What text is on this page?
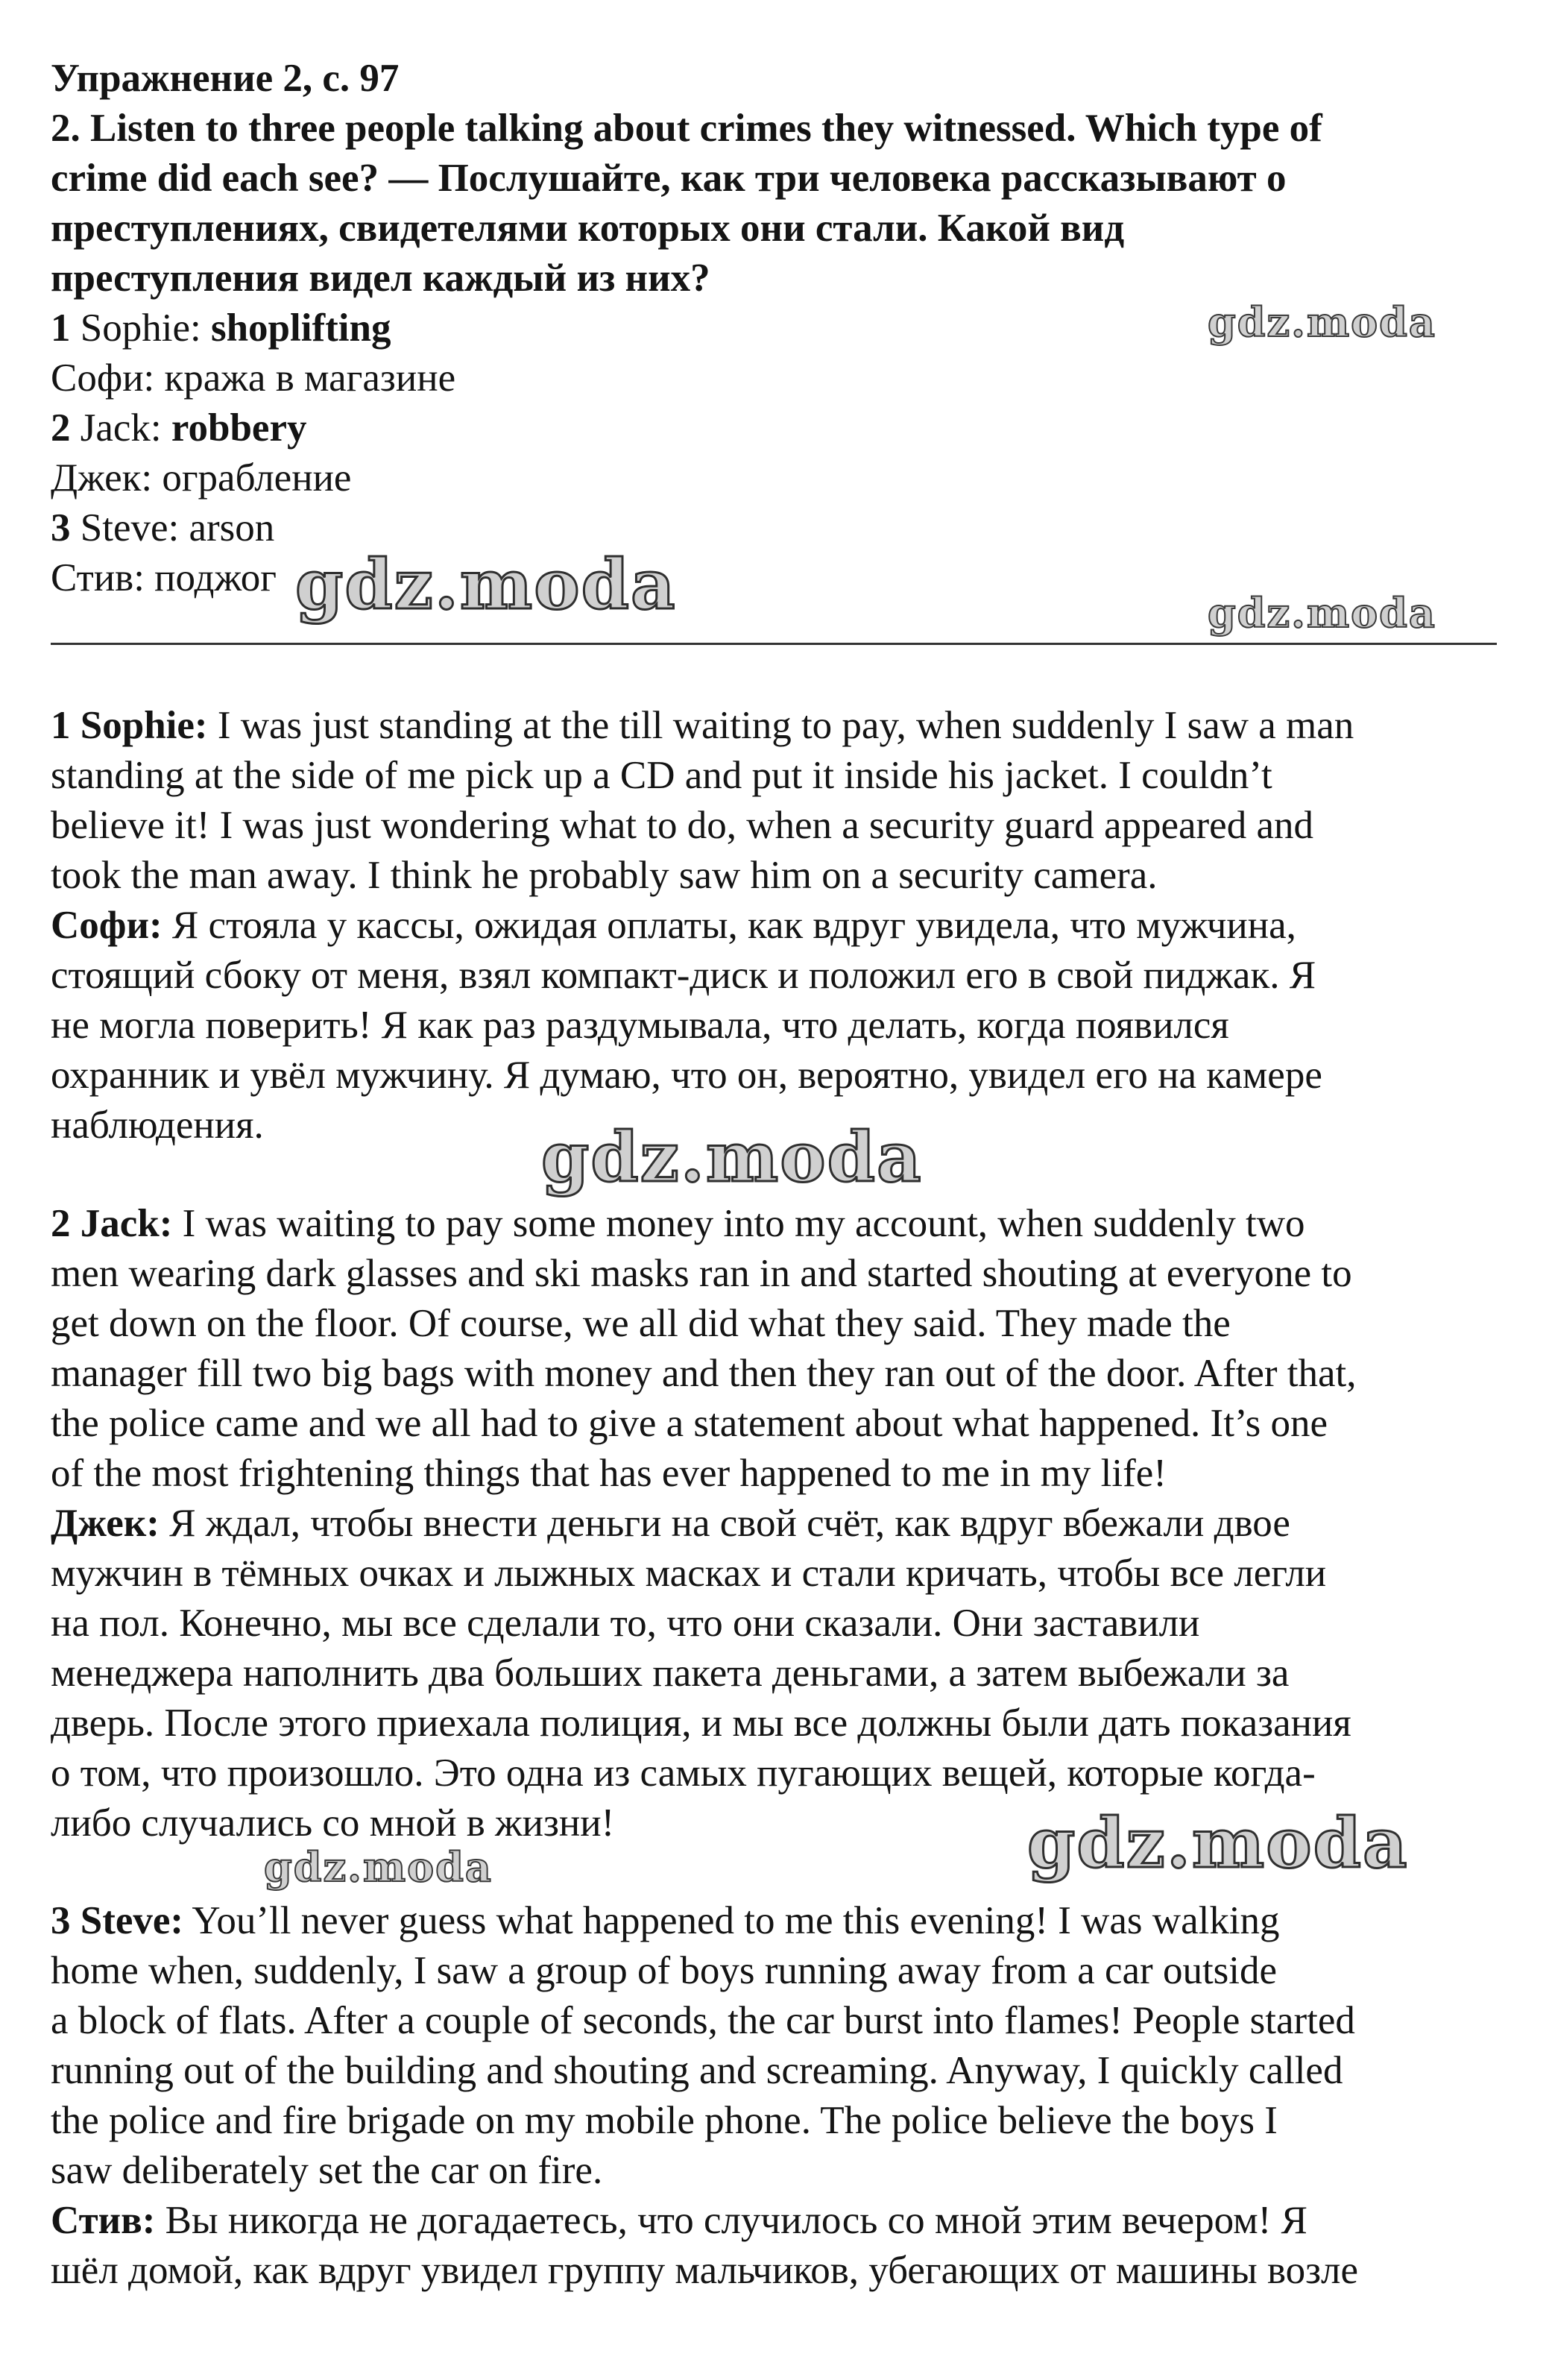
Упражнение 2, с. 97
2. Listen to three people talking about crimes they witnessed. Which type of
crime did each see? — Послушайте, как три человека рассказывают о
преступлениях, свидетелями которых они стали. Какой вид
преступления видел каждый из них?
1 Sophie: shoplifting
Софи: кража в магазине
2 Jack: robbery
Джек: ограбление
3 Steve: arson
Стив: поджог
1 Sophie: I was just standing at the till waiting to pay, when suddenly I saw a man
standing at the side of me pick up a CD and put it inside his jacket. I couldn’t
believe it! I was just wondering what to do, when a security guard appeared and
took the man away. I think he probably saw him on a security camera.
Софи: Я стояла у кассы, ожидая оплаты, как вдруг увидела, что мужчина,
стоящий сбоку от меня, взял компакт-диск и положил его в свой пиджак. Я
не могла поверить! Я как раз раздумывала, что делать, когда появился
охранник и увёл мужчину. Я думаю, что он, вероятно, увидел его на камере
наблюдения.
2 Jack: I was waiting to pay some money into my account, when suddenly two
men wearing dark glasses and ski masks ran in and started shouting at everyone to
get down on the floor. Of course, we all did what they said. They made the
manager fill two big bags with money and then they ran out of the door. After that,
the police came and we all had to give a statement about what happened. It’s one
of the most frightening things that has ever happened to me in my life!
Джек: Я ждал, чтобы внести деньги на свой счёт, как вдруг вбежали двое
мужчин в тёмных очках и лыжных масках и стали кричать, чтобы все легли
на пол. Конечно, мы все сделали то, что они сказали. Они заставили
менеджера наполнить два больших пакета деньгами, а затем выбежали за
дверь. После этого приехала полиция, и мы все должны были дать показания
о том, что произошло. Это одна из самых пугающих вещей, которые когда-
либо случались со мной в жизни!
3 Steve: You’ll never guess what happened to me this evening! I was walking
home when, suddenly, I saw a group of boys running away from a car outside
a block of flats. After a couple of seconds, the car burst into flames! People started
running out of the building and shouting and screaming. Anyway, I quickly called
the police and fire brigade on my mobile phone. The police believe the boys I
saw deliberately set the car on fire.
Стив: Вы никогда не догадаетесь, что случилось со мной этим вечером! Я
шёл домой, как вдруг увидел группу мальчиков, убегающих от машины возле
gdz.moda
gdz.moda	gdz.moda
gdz.moda
gdz.moda
gdz.moda
